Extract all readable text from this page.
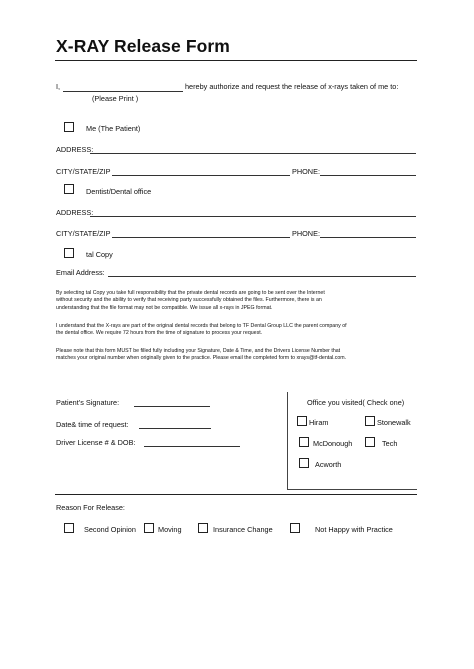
X-RAY Release Form
I,	hereby authorize and request the release of x-rays taken of me to:
(Please Print )
Me (The Patient)
ADDRESS:
CITY/STATE/ZIP	PHONE:
Dentist/Dental office
ADDRESS:
CITY/STATE/ZIP	PHONE:
tal Copy
Email Address:
By selecting tal Copy you take full responsibility that the private dental records are going to be sent over the Internet
without security and the ability to verify that receiving party successfully obtained the files. Furthermore, there is an
understanding that the file format may not be compatible. We issue all x-rays in JPEG format.
I understand that the X-rays are part of the original dental records that belong to TF Dental Group LLC the parent company of
the dental office. We require 72 hours from the time of signature to process your request.
Please note that this form MUST be filled fully including your Signature, Date & Time, and the Drivers License Number that
matches your original number when originally given to the practice. Please email the completed form to xrays@tf-dental.com.
Patient’s Signature:
Date& time of request:
Driver License # & DOB:
Office you visited( Check one)
Hiram	Stonewalk
McDonough	Tech
Acworth
Reason For Release:
Second Opinion	Moving	Insurance Change	Not Happy with Practice
